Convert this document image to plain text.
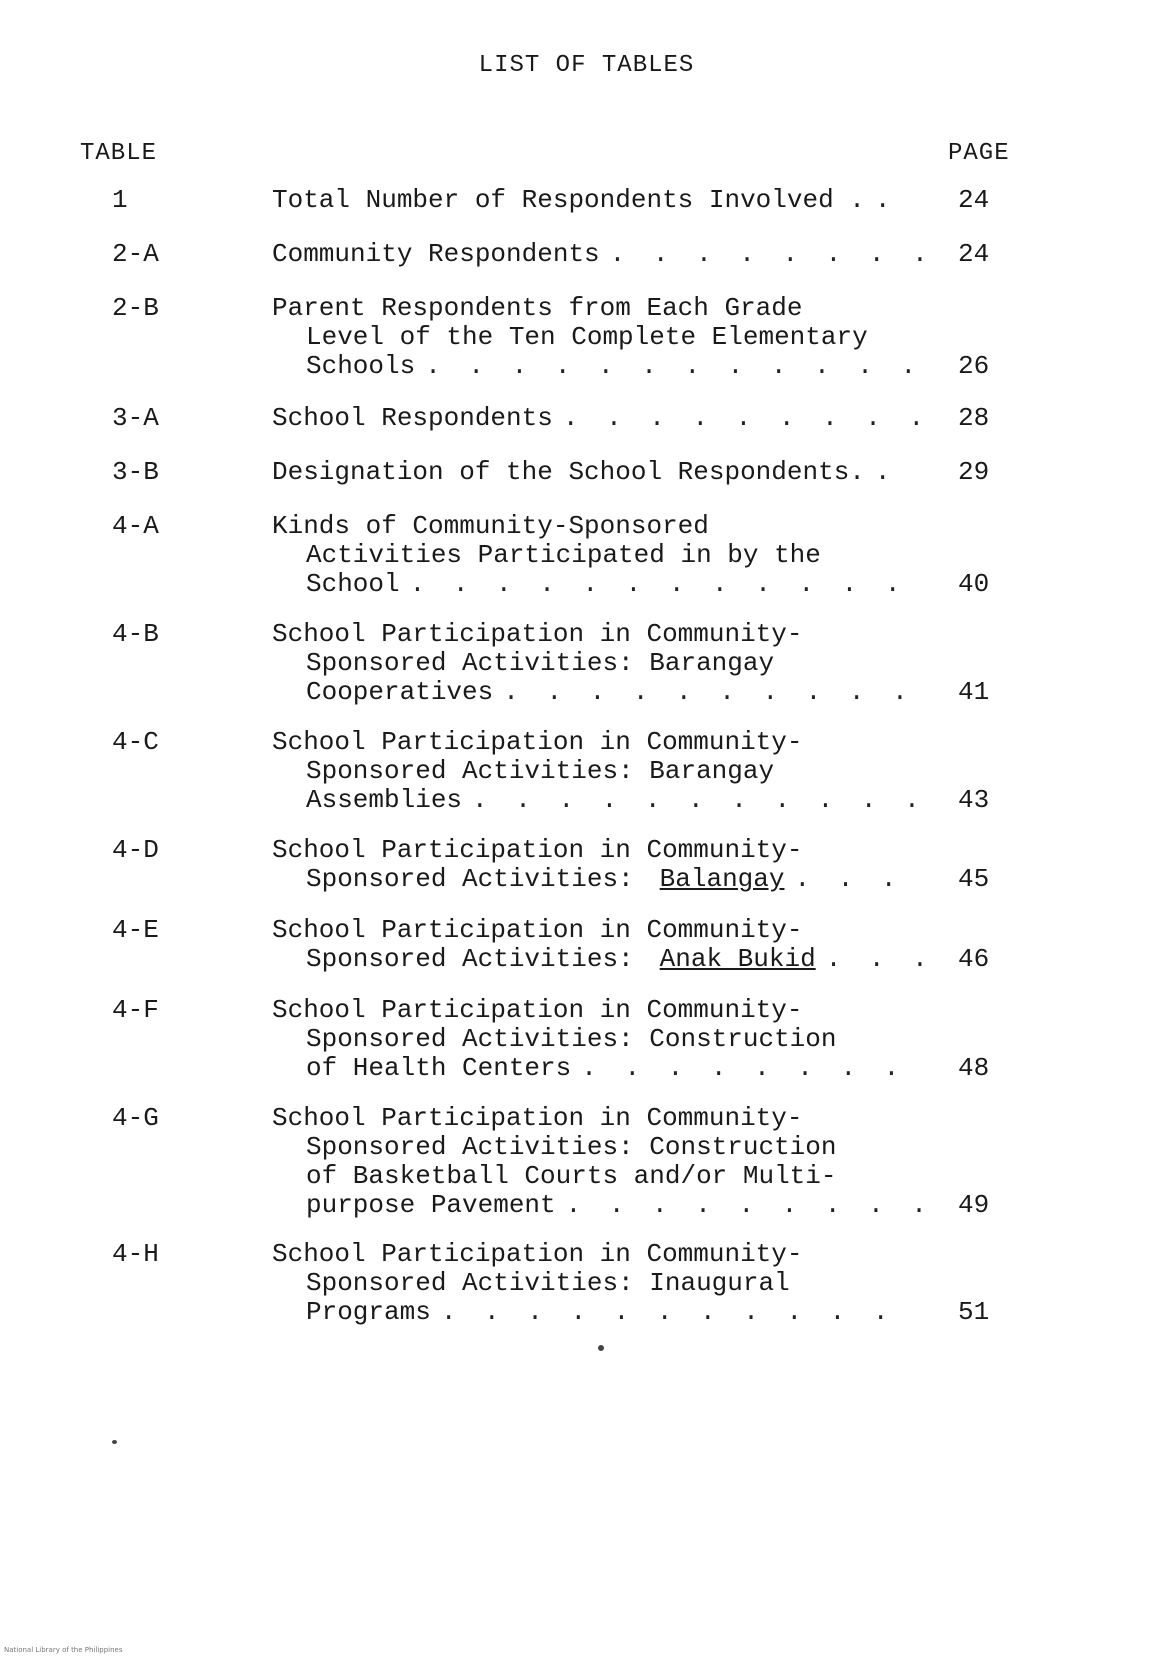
LIST OF TABLES
TABLE	PAGE
1	Total Number of Respondents Involved . . . .	24
2-A	Community Respondents . . .	24
2-B	Parent Respondents from Each Grade
Level of the Ten Complete Elementary
Schools . . .	26
3-A	School Respondents . . .	28
3-B	Designation of the School Respondents. . . .	29
4-A	Kinds of Community-Sponsored
Activities Participated in by the
School . . .	40
4-B	School Participation in Community-
Sponsored Activities: Barangay
Cooperatives . . .	41
4-C	School Participation in Community-
Sponsored Activities: Barangay
Assemblies . . .	43
4-D	School Participation in Community-
Sponsored Activities: Balangay . . .	45
4-E	School Participation in Community-
Sponsored Activities: Anak Bukid . . .	46
4-F	School Participation in Community-
Sponsored Activities: Construction
of Health Centers . . .	48
4-G	School Participation in Community-
Sponsored Activities: Construction
of Basketball Courts and/or Multi-
purpose Pavement . . .	49
4-H	School Participation in Community-
Sponsored Activities: Inaugural
Programs . . .	51
National Library of the Philippines
